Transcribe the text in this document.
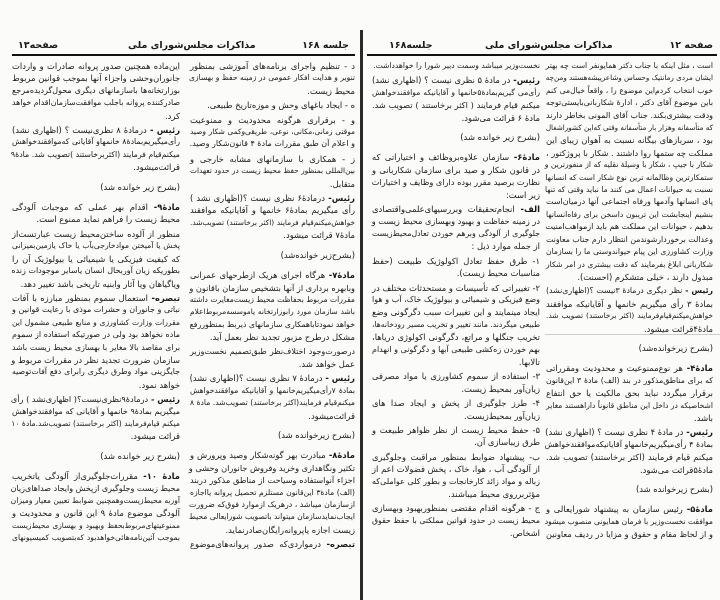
صفحه۱۳	مذاکرات مجلس‌شورای ملی	جلسه ۱۶۸
د - تنظیم واجرای برنامه‌های آموزشی بمنظور
تنویر و هدایت افکار عمومی در زمینه حفظ و بهسازی
محیط زیست.
ه - ایجاد باغهای وحش و موزه‌تاریخ طبیعی.
و - برقراری هرگونه محدودیت و ممنوعیت
موقتی زمانی،مکانی، نوعی، طریقی‌وکمی شکار وصید
و اعلام آن طبق مقررات مادهٔ ۴ قانون‌شکار وصید.
ز - همکاری با سازمانهای مشابه خارجی و
بین‌المللی بمنظور حفظ محیط زیست در حدود تعهدات
متقابل.
رئیس- درمادهٔ۶ نظری نیست ؟(اظهاری نشد )
رأی میگیریم بمادهٔ۶ خانمها و آقایانیکه موافقند
خواهش‌میکنم‌قیام فرمایند (اکثر برخاستند) تصویب‌شد.
مادهٔ۷ قرائت میشود.
(بشرح‌زیر خوانده‌شد)
مادهٔ۷- هرگاه اجرای هریک ازطرحهای عمرانی
وبابهره برداری از آنها بتشخیص سازمان باقانون و
مقررات مربوط بحفاظت محیط زیست‌مغایرت داشته
باشد سازمان مورد رابوزارتخانه یاموسسه‌مربوط‌اعلام
خواهد نمودتاباهمکاری سازمانهای ذیربط بمنظوررفع
مشکل درطرح مزبور تجدید نظر بعمل آید.
درصورت‌وجود اختلاف‌نظر طبق‌تصمیم نخست‌وزیر
عمل خواهد شد.
رئیس - درمادهٔ ۷ نظری نیست ؟(اظهاری نشد)
بمادهٔ ۷رأی‌میگیریم‌خانمها و آقایانیکه موافقندخواهش
میکنم‌قیام فرمایند(اکثر برخاستند) تصویب‌شد. مادهٔ ۸
قرائت‌میشود.
(بشرح زیرخوانده شد)
مادهٔ۸- مبادرت بهر گونه‌شکار وصید وپرورش و
تکثیر ونگاهداری وخرید وفروش جانوران وحشی و
اجزاء آنو‌استفاده وسیاحت از مناطق مذکور دربند
(الف) مادهٔ۳ این‌قانون مستلزم تحصیل پروانه یااجازه
ازسازمان میباشد ، درهریک ازموارد فوق‌که ضرورت
ایجاب‌نمایدسازمان میتواند باتصویب شورایعالی محیط
زیست اجازه یاپروانه‌رایگان‌صادرنماید.
تبصره- درمواردی‌که صدور پروانه‌های‌موضوع
این‌ماده همچنین صدور پروانه صادرات و واردات
جانوران‌وحشی واجزاء آنها بموجب قوانین مربوط
بوزارتخانه‌ها باسازمانهای دیگری محول‌گردیده‌مرجع
صادرکننده پروانه باجلب موافقت‌سازمان‌اقدام خواهد
کرد.
رئیس - درمادهٔ ۸ نظری‌نیست ؟ (اظهاری نشد)
رأی‌میگیریم‌بمادهٔ۸ خانمهاو آقایانی که‌موافقندخواهش
میکنم‌قیام فرمایند (اکثربرخاستند )تصویب شد. مادهٔ۹
قرائت‌میشود.
(بشرح زیر خوانده شد)
مادهٔ۹- اقدام بهر عملی که موجبات آلودگی
محیط زیست را فراهم نماید ممنوع است.
منظور از آلوده ساختن‌محیط زیست عبارتست‌از
پخش یا آمیختن موادخارجی‌بآب یا خاک یازمین‌بمیزانی
که کیفیت فیزیکی یا شیمیائی یا بیولوژیک آن را
بطوریکه زیان آوربحال انسان یاسایر موجودات زنده
ویاگیاهان ویا آثار وابنیه تاریخی باشد تغییر دهد.
تبصره- استعمال سموم بمنظور مبارزه با آفات
نباتی و جانوران و حشرات موذی با رعایت قوانین و
مقررات وزارت کشاورزی و منابع طبیعی مشمول این
ماده نخواهد بود ولی در صورتیکه استفاده از سموم
برای مقاصد بالا مغایر با بهسازی محیط زیست باشد
سازمان ضرورت تجدید نظر در مقررات مربوط و
جایگزینی مواد وطرق دیگری رابرای دفع آفات‌توصیه
خواهد نمود.
رئیس - درمادهٔ۹نظری‌نیست؟( اظهاری‌نشد ) رأی
میگیریم بمادهٔ۹ خانمها و آقایانی که موافقندخواهش
میکنم قیام‌فرمایند (اکثر برخاستند) تصویب‌شد.مادهٔ ۱۰
قرائت میشود.
(بشرح زیر خوانده شد)
مادهٔ ۱۰- مقررات‌جلوگیری‌از آلودگی یاتخریب
محیط زیست وجلوگیری ازپخش وایجاد صداهای‌زیان
آوربه محیط‌زیست‌وهمچنین ضوابط تعیین معیار ومیزان
آلودگی موضوع مادهٔ ۹ این قانون و محدودیت و
ممنوعیتهای‌مربوط‌بحفظ وبهبود و بهسازی محیط‌زیست
بموجب آئین‌نامه‌هائی‌خواهدبود که‌بتصویب کمیسیونهای
جلسه۱۶۸	مذاکرات مجلس‌شورای ملی	صفحه ۱۲
است ، مثل اینکه با جناب دکتر همایونفر است چه بهتر
ایشان مردی رمانتیک وحساس وشاعرپیشه‌هستند ومن‌چه
خوب انتخاب کردم‌این موضوع را ، واقعاً خیال‌می کنم
باین موضوع آقای دکتر ، ادارهٔ شکاربانی‌بایستی‌توجه
ودقت بیشتری‌بکند. جناب آقای المونی بخاطر دارند
که متأسفانه وهزار بار متأسفانه وقتی که‌این کشوراشغال
بود ، سربازهای بیگانه نسبت به آهوان زیبای این
مملکت چه ستمها روا داشتند . شکار با پروژکتور ،
شکار با جیپ ، شکار با وسیلهٔ نقلیه که از منفورترین و
ستمکارترین وظالمانه ترین نوع شکار است که انسانها
نسبت به حیوانات اعمال می کنند ما نباید وقتی که تنها
پای انسانها وآدمها ورفاه اجتماعی آنها درمیان‌است
بنشیم اینجابشت این تریبون داسخن برای رفاه‌انسانها
بدهیم ، حیوانات این مملکت هم باید ازمواهب‌امنیت
وعدالت برخوردارشوند‌من انتظار دارم جناب معاونت
وزارت کشاورزی این پیام حیواندوستی ما را بسازمان
شکاربانی ابلاغ بفرمایند که دقت بیشتری در امر شکار
مبذول دارند ، خیلی متشکرم (احسنت).
رئیس - نظر دیگری درمادهٔ ۳نیست ؟(اظهاری‌نشد)
بمادهٔ ۳ رأی میگیریم خانمها و آقایانیکه موافقند
خواهش‌میکنم‌قیام‌فرمایند (اکثر برخاستند) تصویب شد.
مادهٔ۴قرائت میشود.
(بشرح زیرخوانده‌شد)
مادهٔ۴- هر نوع‌ممنوعیت و محدودیت ومقرراتی
که برای مناطق‌مذکور در بند (الف) مادهٔ ۳ این‌قانون
برقرار میگردد نباید بحق مالکیت یا حق انتفاع
اشخاصیکه در داخل این مناطق قانوناً داراهستند مغایر
باشد.
رئیس- در مادهٔ ۴ نظری نیست ؟ (اظهاری نشد)
بمادهٔ ۴ رأی‌میگیریم‌خانمهاو آقایانیکه‌موافقندخواهش
میکنم قیام فرمایند (اکثر برخاستند) تصویب شد.
مادهٔ۵قرائت می‌شود.
(بشرح زیرخوانده شد)
مادهٔ۵- رئیس سازمان به پیشنهاد شورایعالی و
موافقت نخست‌وزیر با فرمان همایونی منصوب میشود
و از لحاظ مقام و حقوق و مزایا در ردیف معاونین
نخست‌وزیر میباشد وسمت دبیر شورا را خواهدداشت.
رئیس- در مادهٔ ۵ نظری نیست ؟ (اظهاری نشد)
رأی‌می گیریم‌بمادهٔ۵خانمها و آقایانیکه موافقندخواهش
میکنم قیام فرمایند ( اکثر برخاستند ) تصویب شد.
مادهٔ ۶ قرائت می‌شود.
(بشرح زیر خوانده شد)
مادهٔ۶- سازمان علاوه‌بروظائف و اختیاراتی که
در قانون شکار و صید برای سازمان شکاربانی و
نظارت برصید مقرر بوده دارای وظایف و اختیارات
زیر است:
الف- انجام‌تحقیقات وبررسیهای‌علمی‌واقتصادی
در زمینه حفاظت و بهبود وبهسازی محیط زیست و
جلوگیری از آلودگی وبرهم خوردن تعادل‌محیط‌زیست
از جمله موارد ذیل :
۱- طرق حفظ تعادل اکولوژیک طبیعت (حفظ
مناسبات محیط زیست).
۲- تغییراتی که تأسیسات و مستحدثات مختلف در
وضع فیزیکی و شیمیائی و بیولوژیک خاک، آب و هوا
ایجاد مینمایند و این تغییرات سبب دگرگونی وضع
طبیعی میگردند. مانند تغییر و تخریب مسیر رودخانه‌ها،
تخریب جنگلها و مراتع، دگرگونی اکولوژی دریاها،
بهم خوردن زه‌کشی طبیعی آبها و دگرگونی و انهدام
تالابها.
۳- استفاده از سموم کشاورزی یا مواد مصرفی
زیان‌آور بمحیط زیست.
۴- طرز جلوگیری از پخش و ایجاد صدا های
زیان‌آور بمحیط‌زیست.
۵- حفظ محیط زیست از نظر ظواهر طبیعت و
طرق زیباسازی آن.
ب- پیشنهاد ضوابط بمنظور مراقبت وجلوگیری
از آلودگی آب ، هوا، خاک ، پخش فضولات اعم از
زباله و مواد زائد کارخانجات و بطور کلی عواملی‌که
مؤثربرروی محیط میباشند.
ج - هرگونه اقدام مقتضی بمنظوربهبود وبهسازی
محیط زیست در حدود قوانین مملکتی با حفظ حقوق
اشخاص.
